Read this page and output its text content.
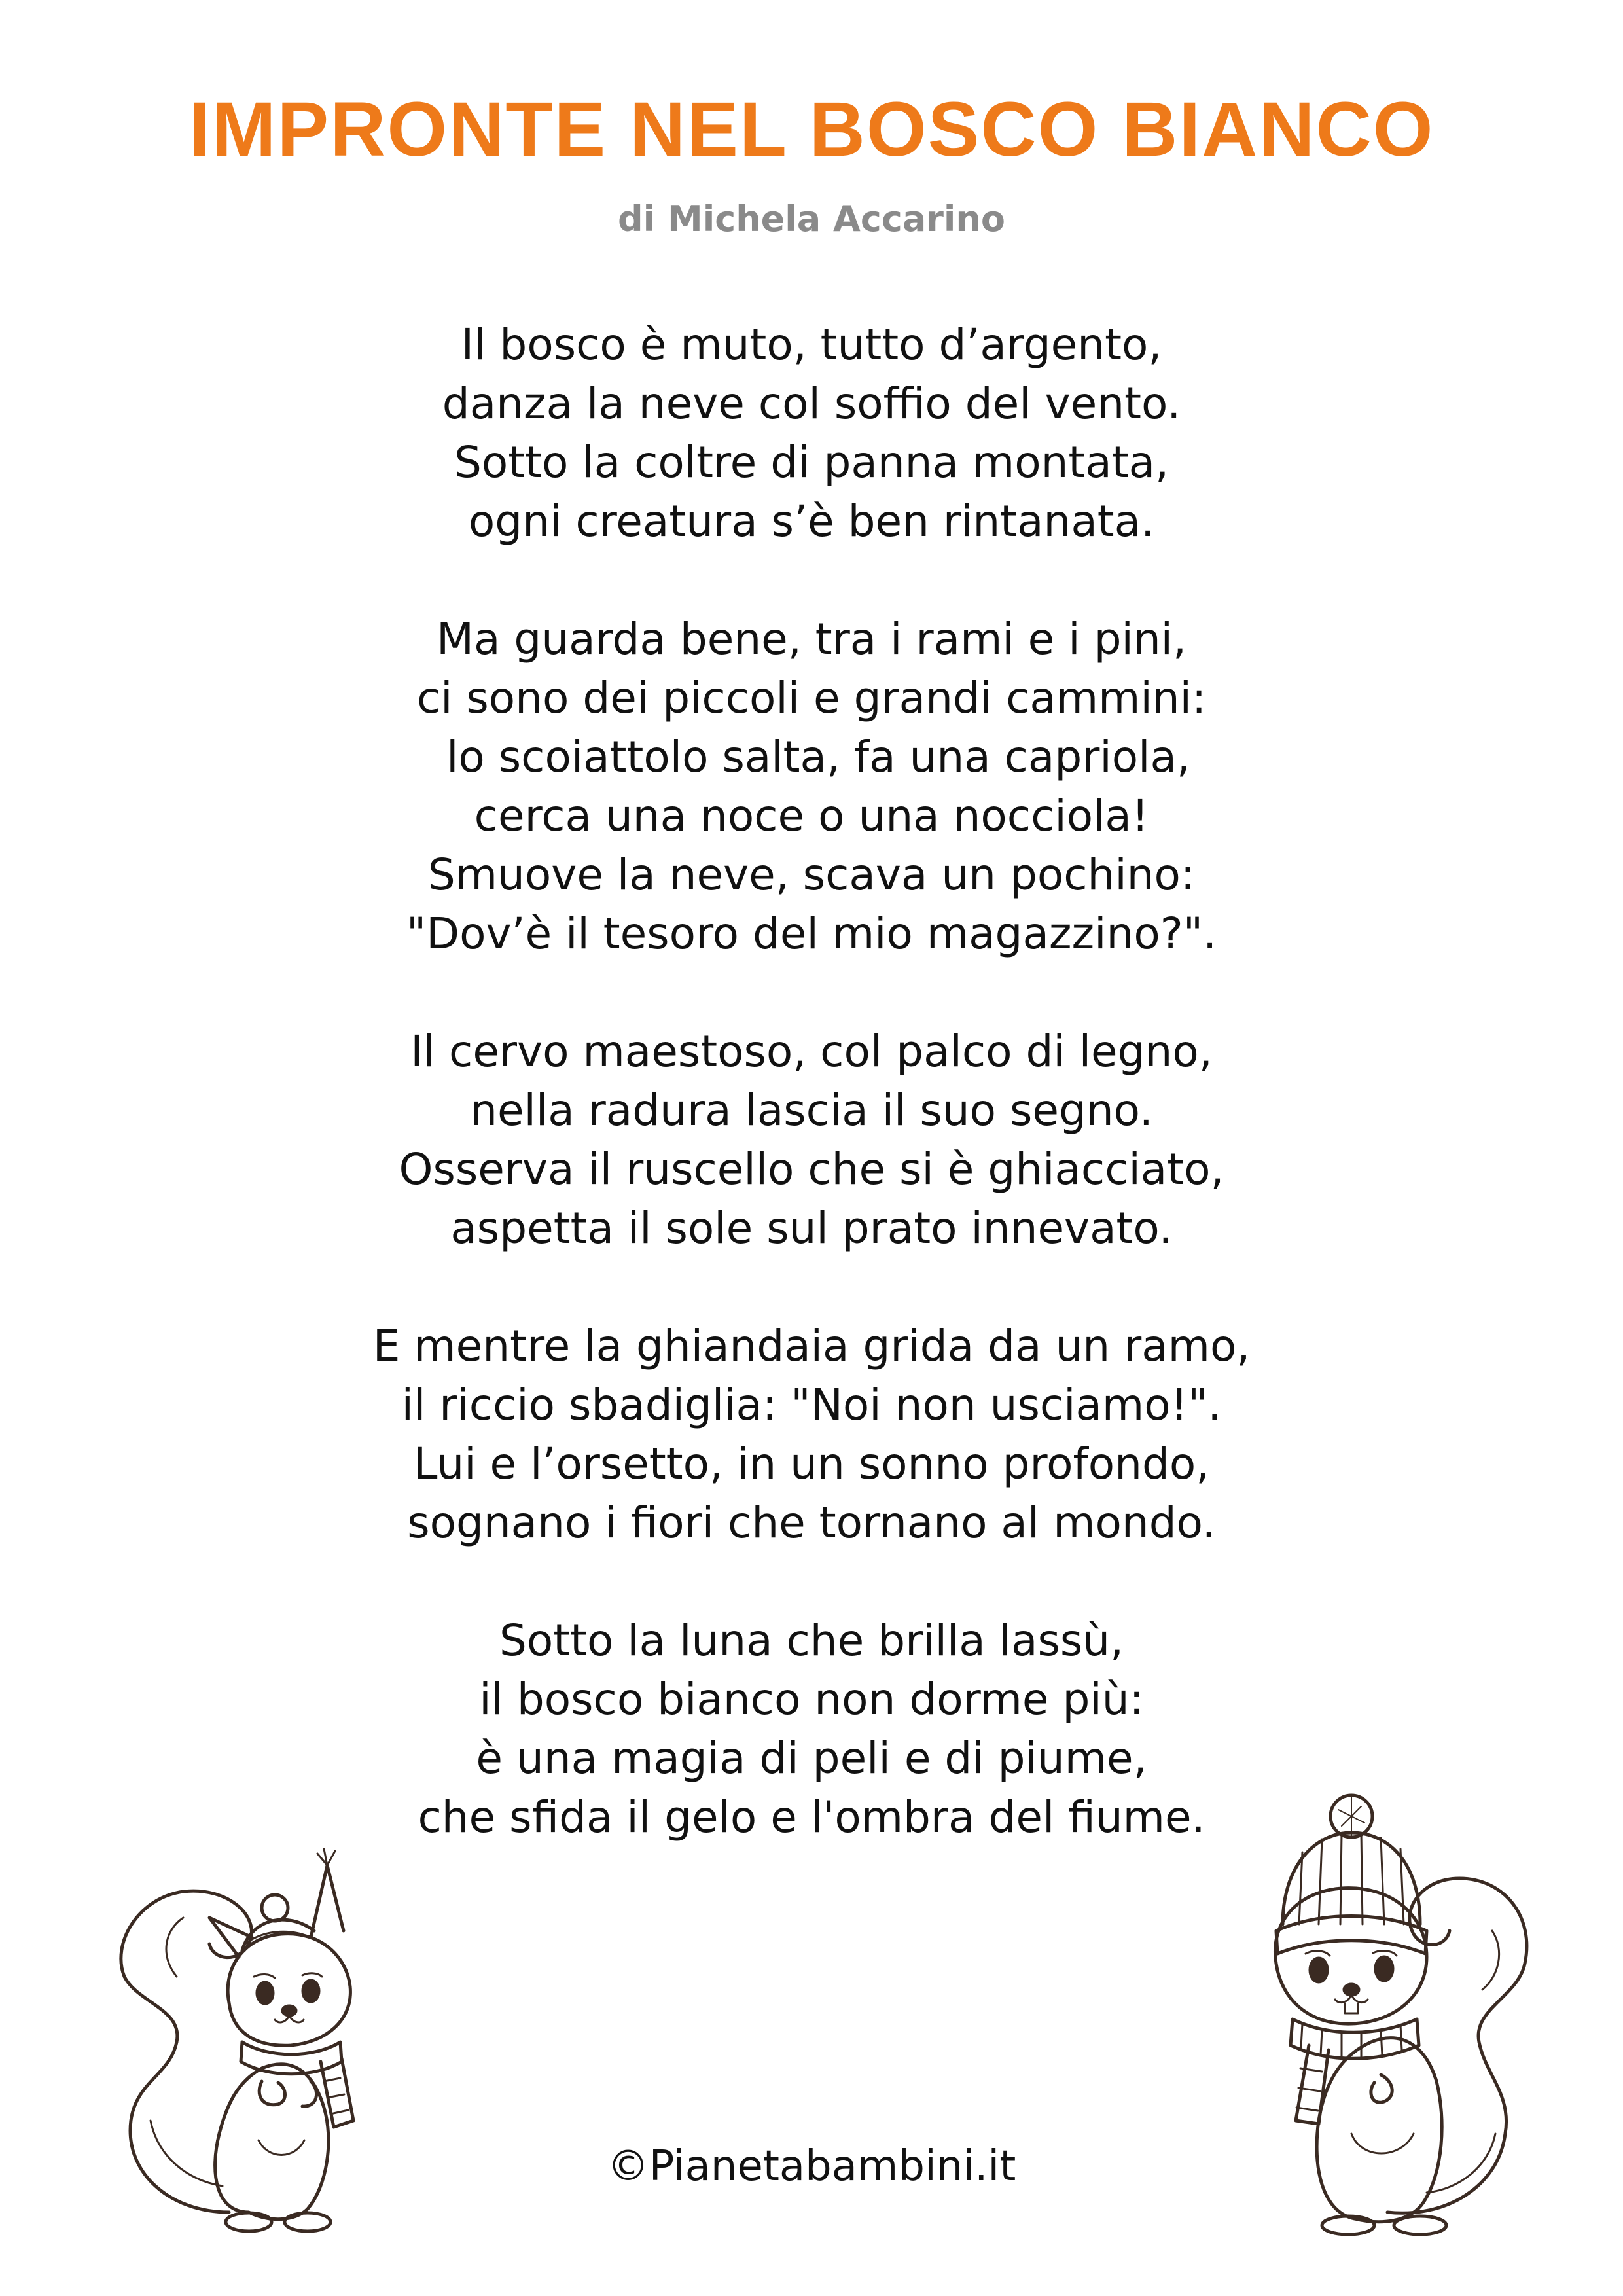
IMPRONTE NEL BOSCO BIANCO
di Michela Accarino
Il bosco è muto, tutto d’argento,
danza la neve col soffio del vento.
Sotto la coltre di panna montata,
ogni creatura s’è ben rintanata.
Ma guarda bene, tra i rami e i pini,
ci sono dei piccoli e grandi cammini:
lo scoiattolo salta, fa una capriola,
cerca una noce o una nocciola!
Smuove la neve, scava un pochino:
"Dov’è il tesoro del mio magazzino?".
Il cervo maestoso, col palco di legno,
nella radura lascia il suo segno.
Osserva il ruscello che si è ghiacciato,
aspetta il sole sul prato innevato.
E mentre la ghiandaia grida da un ramo,
il riccio sbadiglia: "Noi non usciamo!".
Lui e l’orsetto, in un sonno profondo,
sognano i fiori che tornano al mondo.
Sotto la luna che brilla lassù,
il bosco bianco non dorme più:
è una magia di peli e di piume,
che sfida il gelo e l'ombra del fiume.
©Pianetabambini.it
